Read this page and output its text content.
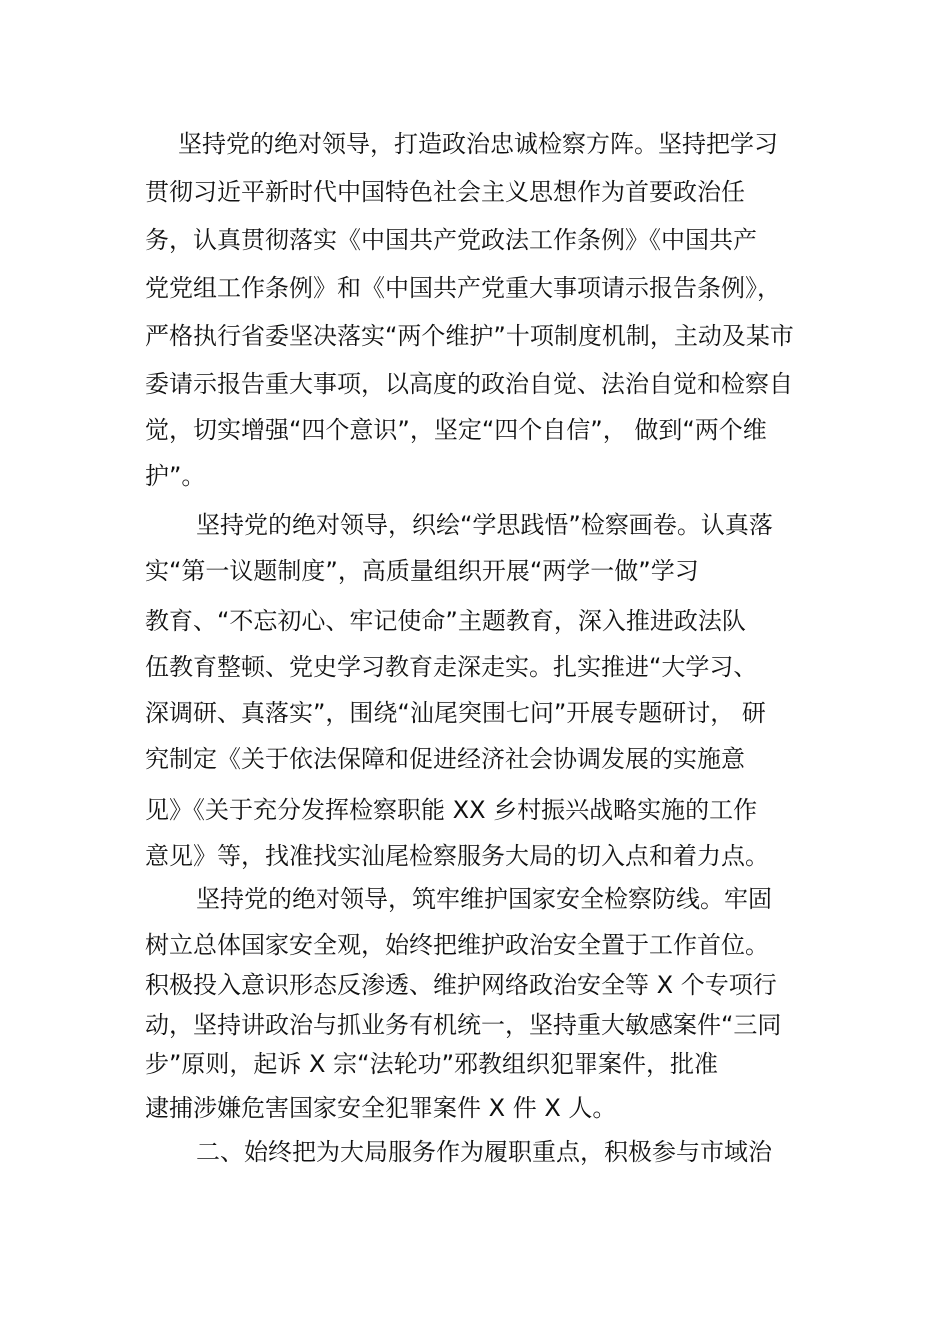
坚持党的绝对领导，打造政治忠诚检察方阵。坚持把学习
贯彻习近平新时代中国特色社会主义思想作为首要政治任
务，认真贯彻落实《中国共产党政法工作条例》《中国共产
党党组工作条例》和《中国共产党重大事项请示报告条例》，
严格执行省委坚决落实“两个维护”十项制度机制，主动及某市
委请示报告重大事项，以高度的政治自觉、法治自觉和检察自
觉，切实增强“四个意识”，坚定“四个自信”， 做到“两个维
护”。
坚持党的绝对领导，织绘“学思践悟”检察画卷。认真落
实“第一议题制度”，高质量组织开展“两学一做”学习
教育、“不忘初心、牢记使命”主题教育，深入推进政法队
伍教育整顿、党史学习教育走深走实。扎实推进“大学习、
深调研、真落实”，围绕“汕尾突围七问”开展专题研讨， 研
究制定《关于依法保障和促进经济社会协调发展的实施意
见》《关于充分发挥检察职能 XX 乡村振兴战略实施的工作
意见》等，找准找实汕尾检察服务大局的切入点和着力点。
坚持党的绝对领导，筑牢维护国家安全检察防线。牢固
树立总体国家安全观，始终把维护政治安全置于工作首位。
积极投入意识形态反渗透、维护网络政治安全等 X 个专项行
动，坚持讲政治与抓业务有机统一，坚持重大敏感案件“三同
步”原则，起诉 X 宗“法轮功”邪教组织犯罪案件，批准
逮捕涉嫌危害国家安全犯罪案件 X 件 X 人。
二、始终把为大局服务作为履职重点，积极参与市域治
